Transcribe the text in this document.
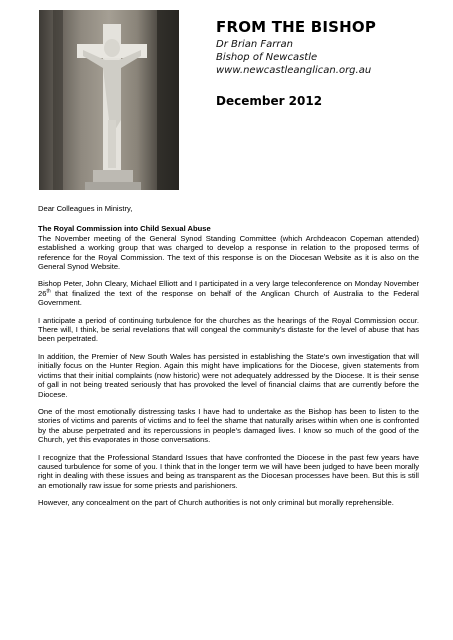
FROM THE BISHOP
Dr Brian Farran
Bishop of Newcastle
www.newcastleanglican.org.au
December 2012

Dear Colleagues in Ministry,

The Royal Commission into Child Sexual Abuse

The November meeting of the General Synod Standing Committee (which Archdeacon Copeman attended) established a working group that was charged to develop a response in relation to the proposed terms of reference for the Royal Commission. The text of this response is on the Diocesan Website as it is also on the General Synod Website.

Bishop Peter, John Cleary, Michael Elliott and I participated in a very large teleconference on Monday November 26th that finalized the text of the response on behalf of the Anglican Church of Australia to the Federal Government.

I anticipate a period of continuing turbulence for the churches as the hearings of the Royal Commission occur. There will, I think, be serial revelations that will congeal the community's distaste for the level of abuse that has been perpetrated.

In addition, the Premier of New South Wales has persisted in establishing the State's own investigation that will initially focus on the Hunter Region. Again this might have implications for the Diocese, given statements from victims that their initial complaints (now historic) were not adequately addressed by the Diocese. It is their sense of gall in not being treated seriously that has provoked the level of financial claims that are currently before the Diocese.

One of the most emotionally distressing tasks I have had to undertake as the Bishop has been to listen to the stories of victims and parents of victims and to feel the shame that naturally arises within when one is confronted by the abuse perpetrated and its repercussions in people's damaged lives. I know so much of the good of the Church, yet this evaporates in those conversations.

I recognize that the Professional Standard Issues that have confronted the Diocese in the past few years have caused turbulence for some of you. I think that in the longer term we will have been judged to have been morally right in dealing with these issues and being as transparent as the Diocesan processes have been. But this is still an emotionally raw issue for some priests and parishioners.

However, any concealment on the part of Church authorities is not only criminal but morally reprehensible.
